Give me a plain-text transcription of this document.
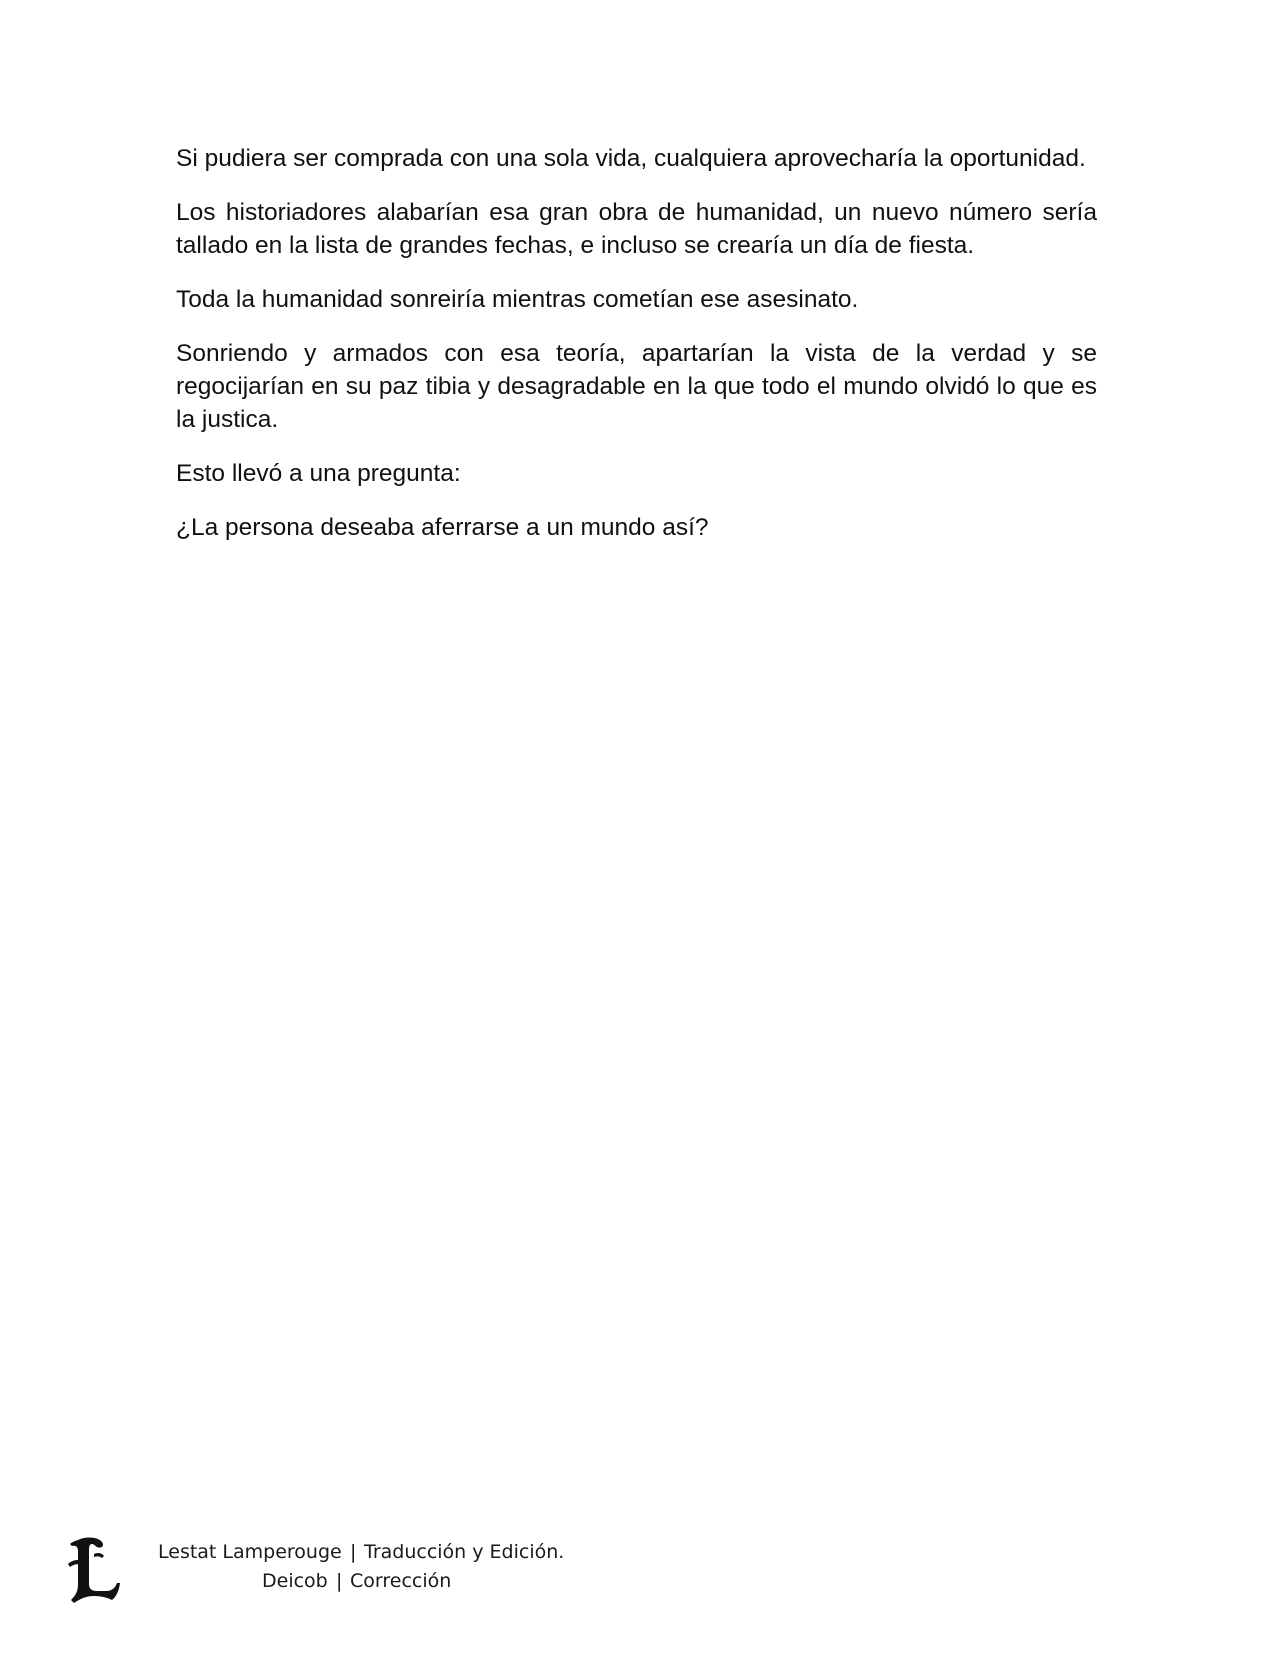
Si pudiera ser comprada con una sola vida, cualquiera aprovecharía la oportunidad.

Los historiadores alabarían esa gran obra de humanidad, un nuevo número sería tallado en la lista de grandes fechas, e incluso se crearía un día de fiesta.

Toda la humanidad sonreiría mientras cometían ese asesinato.

Sonriendo y armados con esa teoría, apartarían la vista de la verdad y se regocijarían en su paz tibia y desagradable en la que todo el mundo olvidó lo que es la justica.

Esto llevó a una pregunta:

¿La persona deseaba aferrarse a un mundo así?

Lestat Lamperouge | Traducción y Edición.
Deicob | Corrección
